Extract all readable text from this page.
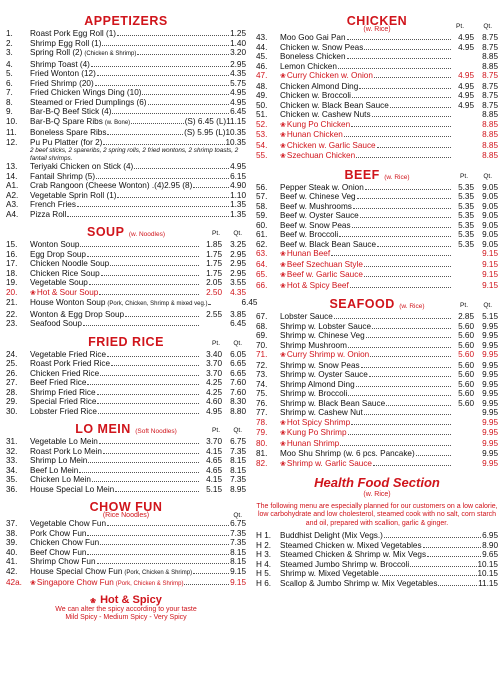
APPETIZERS
1.	Roast Pork Egg Roll (1)	1.25
2.	Shrimp Egg Roll (1)	1.40
3.	Spring Roll (2) (Chicken & Shrimp)	3.20
4.	Shrimp Toast (4)	2.95
5.	Fried Wonton (12)	4.35
6.	Fried Shrimp (20)	5.75
7.	Fried Chicken Wings Ding (10)	4.95
8.	Steamed or Fried Dumplings (6)	4.95
9.	Bar-B-Q Beef Stick (4)	6.45
10.	Bar-B-Q Spare Ribs (w. Bone)	(S) 6.45 (L)11.15
11.	Boneless Spare Ribs	(S) 5.95 (L)10.35
12.	Pu Pu Platter (for 2)	10.35
2 beef sticks, 2 spareribs, 2 spring rolls, 2 fried wontons, 2 shrimp toasts, 2 fantail shrimps.
13.	Teriyaki Chicken on Stick (4)	4.95
14.	Fantail Shrimp (5)	6.15
A1.	Crab Rangoon (Cheese Wonton) .(4)2.95 (8)	4.90
A2.	Vegetable Sprin Roll (1)	1.10
A3.	French Fries	1.35
A4.	Pizza Roll	1.35
SOUP (w. Noodles)	Pt. Qt.
15.	Wonton Soup	1.85 3.25
16.	Egg Drop Soup	1.75 2.95
17.	Chicken Noodle Soup	1.75 2.95
18.	Chicken Rice Soup	1.75 2.95
19.	Vegetable Soup	2.05 3.55
20.	❀Hot & Sour Soup	2.50 4.35
21.	House Wonton Soup (Pork, Chicken, Shrimp & mixed veg.)	6.45
22.	Wonton & Egg Drop Soup	2.55 3.85
23.	Seafood Soup	6.45
FRIED RICE	Pt. Qt.
24.	Vegetable Fried Rice	3.40 6.05
25.	Roast Pork Fried Rice	3.70 6.65
26.	Chicken Fried Rice	3.70 6.65
27.	Beef Fried Rice	4.25 7.60
28.	Shrimp Fried Rice	4.25 7.60
29.	Special Fried Rice	4.60 8.30
30.	Lobster Fried Rice	4.95 8.80
LO MEIN (Soft Noodles)	Pt. Qt.
31.	Vegetable Lo Mein	3.70 6.75
32.	Roast Pork Lo Mein	4.15 7.35
33.	Shrimp Lo Mein	4.65 8.15
34.	Beef Lo Mein	4.65 8.15
35.	Chicken Lo Mein	4.15 7.35
36.	House Special Lo Mein	5.15 8.95
CHOW FUN
(Rice Noodles)	Qt.
37.	Vegetable Chow Fun	6.75
38.	Pork Chow Fun	7.35
39.	Chicken Chow Fun	7.35
40.	Beef Chow Fun	8.15
41.	Shrimp Chow Fun	8.15
42.	House Special Chow Fun (Pork, Chicken & Shrimp)	9.15
42a.	❀Singapore Chow Fun (Pork, Chicken & Shrimp)	9.15
❀ Hot & Spicy
We can alter the spicy according to your taste
Mild Spicy - Medium Spicy - Very Spicy
CHICKEN
(w. Rice)	Pt.	Qt.
43.	Moo Goo Gai Pan	4.95 8.75
44.	Chicken w. Snow Peas	4.95 8.75
45.	Boneless Chicken	8.85
46.	Lemon Chicken	8.85
47.	❀Curry Chicken w. Onion	4.95 8.75
48.	Chicken Almond Ding	4.95 8.75
49.	Chicken w. Broccoli	4.95 8.75
50.	Chicken w. Black Bean Sauce	4.95 8.75
51.	Chicken w. Cashew Nuts	8.85
52.	❀Kung Po Chicken	8.85
53.	❀Hunan Chicken	8.85
54.	❀Chicken w. Garlic Sauce	8.85
55.	❀Szechuan Chicken	8.85
BEEF (w. Rice)	Pt. Qt.
56.	Pepper Steak w. Onion	5.35 9.05
57.	Beef w. Chinese Veg	5.35 9.05
58.	Beef w. Mushrooms	5.35 9.05
59.	Beef w. Oyster Sauce	5.35 9.05
60.	Beef w. Snow Peas	5.35 9.05
61.	Beef w. Broccoli	5.35 9.05
62.	Beef w. Black Bean Sauce	5.35 9.05
63.	❀Hunan Beef	9.15
64.	❀Beef Szechuan Style	9.15
65.	❀Beef w. Garlic Sauce	9.15
66.	❀Hot & Spicy Beef	9.15
SEAFOOD (w. Rice)	Pt. Qt.
67.	Lobster Sauce	2.85 5.15
68.	Shrimp w. Lobster Sauce	5.60 9.95
69.	Shrimp w. Chinese Veg	5.60 9.95
70.	Shrimp Mushroom	5.60 9.95
71.	❀Curry Shrimp w. Onion	5.60 9.95
72.	Shrimp w. Snow Peas	5.60 9.95
73.	Shrimp w. Oyster Sauce	5.60 9.95
74.	Shrimp Almond Ding	5.60 9.95
75.	Shrimp w. Broccoli	5.60 9.95
76.	Shrimp w. Black Bean Sauce	5.60 9.95
77.	Shrimp w. Cashew Nut	9.95
78.	❀Hot Spicy Shrimp	9.95
79.	❀Kung Po Shrimp	9.95
80.	❀Hunan Shrimp	9.95
81.	Moo Shu Shrimp (w. 6 pcs. Pancake)	9.95
82.	❀Shrimp w. Garlic Sauce	9.95
Health Food Section
(w. Rice)
The following menu are especially planned for our customers on a low calorie, low carbohydrate and low cholesterol, steamed cook with no salt, corn starch and oil, prepared with scallion, garlic & ginger.
H 1.	Buddhist Delight (Mix Vegs.)	6.95
H 2.	Steamed Chicken w. Mixed Vegetables	8.90
H 3.	Steamed Chicken & Shrimp w. Mix Vegs	9.65
H 4.	Steamed Jumbo Shrimp w. Broccoli	10.15
H 5.	Shrimp w. Mixed Vegetable	10.15
H 6.	Scallop & Jumbo Shrimp w. Mix Vegetables	11.15
